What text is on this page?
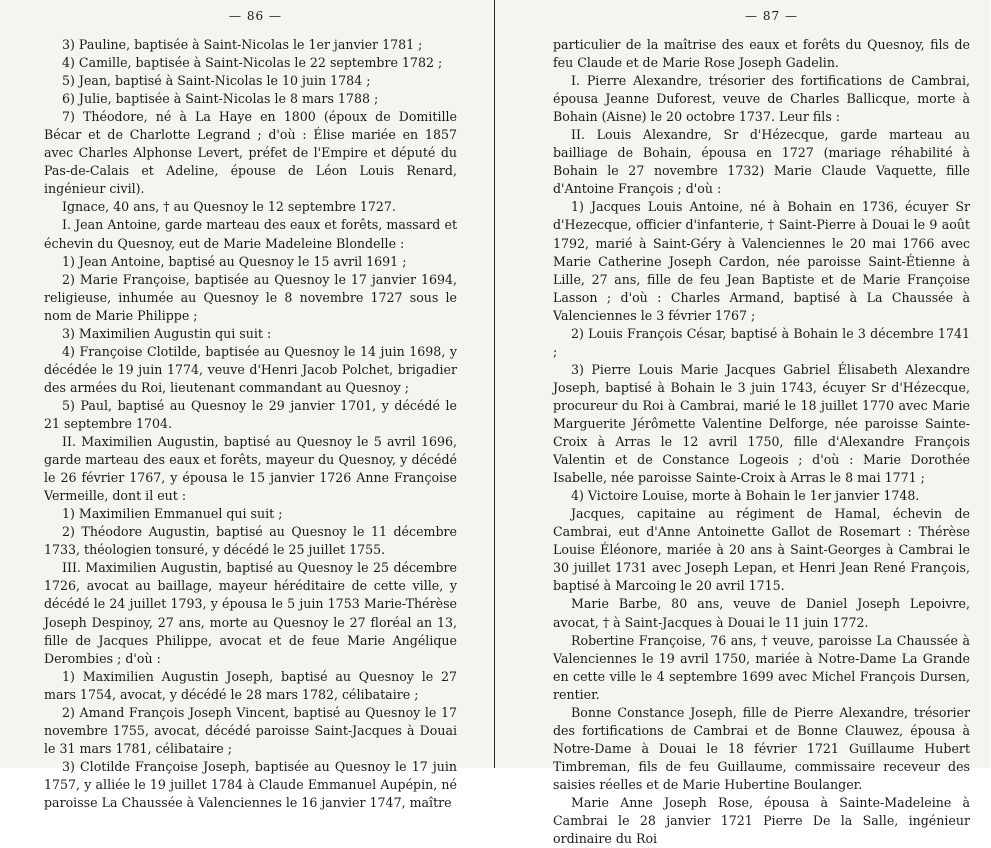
— 86 —

3) Pauline, baptisée à Saint-Nicolas le 1er janvier 1781 ;

4) Camille, baptisée à Saint-Nicolas le 22 septembre 1782 ;

5) Jean, baptisé à Saint-Nicolas le 10 juin 1784 ;

6) Julie, baptisée à Saint-Nicolas le 8 mars 1788 ;

7) Théodore, né à La Haye en 1800 (époux de Domitille Bécar et de Charlotte Legrand ; d'où : Élise mariée en 1857 avec Charles Alphonse Levert, préfet de l'Empire et député du Pas-de-Calais et Adeline, épouse de Léon Louis Renard, ingénieur civil).

Ignace, 40 ans, † au Quesnoy le 12 septembre 1727.

I. Jean Antoine, garde marteau des eaux et forêts, massard et échevin du Quesnoy, eut de Marie Madeleine Blondelle :

1) Jean Antoine, baptisé au Quesnoy le 15 avril 1691 ;

2) Marie Françoise, baptisée au Quesnoy le 17 janvier 1694, religieuse, inhumée au Quesnoy le 8 novembre 1727 sous le nom de Marie Philippe ;

3) Maximilien Augustin qui suit :

4) Françoise Clotilde, baptisée au Quesnoy le 14 juin 1698, y décédée le 19 juin 1774, veuve d'Henri Jacob Polchet, brigadier des armées du Roi, lieutenant commandant au Quesnoy ;

5) Paul, baptisé au Quesnoy le 29 janvier 1701, y décédé le 21 septembre 1704.

II. Maximilien Augustin, baptisé au Quesnoy le 5 avril 1696, garde marteau des eaux et forêts, mayeur du Quesnoy, y décédé le 26 février 1767, y épousa le 15 janvier 1726 Anne Françoise Vermeille, dont il eut :

1) Maximilien Emmanuel qui suit ;

2) Théodore Augustin, baptisé au Quesnoy le 11 décembre 1733, théologien tonsuré, y décédé le 25 juillet 1755.

III. Maximilien Augustin, baptisé au Quesnoy le 25 décembre 1726, avocat au baillage, mayeur héréditaire de cette ville, y décédé le 24 juillet 1793, y épousa le 5 juin 1753 Marie-Thérèse Joseph Despinoy, 27 ans, morte au Quesnoy le 27 floréal an 13, fille de Jacques Philippe, avocat et de feue Marie Angélique Derombies ; d'où :

1) Maximilien Augustin Joseph, baptisé au Quesnoy le 27 mars 1754, avocat, y décédé le 28 mars 1782, célibataire ;

2) Amand François Joseph Vincent, baptisé au Quesnoy le 17 novembre 1755, avocat, décédé paroisse Saint-Jacques à Douai le 31 mars 1781, célibataire ;

3) Clotilde Françoise Joseph, baptisée au Quesnoy le 17 juin 1757, y alliée le 19 juillet 1784 à Claude Emmanuel Aupépin, né paroisse La Chaussée à Valenciennes le 16 janvier 1747, maître

— 87 —

particulier de la maîtrise des eaux et forêts du Quesnoy, fils de feu Claude et de Marie Rose Joseph Gadelin.

I. Pierre Alexandre, trésorier des fortifications de Cambrai, épousa Jeanne Duforest, veuve de Charles Ballicque, morte à Bohain (Aisne) le 20 octobre 1737. Leur fils :

II. Louis Alexandre, Sr d'Hézecque, garde marteau au bailliage de Bohain, épousa en 1727 (mariage réhabilité à Bohain le 27 novembre 1732) Marie Claude Vaquette, fille d'Antoine François ; d'où :

1) Jacques Louis Antoine, né à Bohain en 1736, écuyer Sr d'Hezecque, officier d'infanterie, † Saint-Pierre à Douai le 9 août 1792, marié à Saint-Géry à Valenciennes le 20 mai 1766 avec Marie Catherine Joseph Cardon, née paroisse Saint-Étienne à Lille, 27 ans, fille de feu Jean Baptiste et de Marie Françoise Lasson ; d'où : Charles Armand, baptisé à La Chaussée à Valenciennes le 3 février 1767 ;

2) Louis François César, baptisé à Bohain le 3 décembre 1741 ;

3) Pierre Louis Marie Jacques Gabriel Élisabeth Alexandre Joseph, baptisé à Bohain le 3 juin 1743, écuyer Sr d'Hézecque, procureur du Roi à Cambrai, marié le 18 juillet 1770 avec Marie Marguerite Jérômette Valentine Delforge, née paroisse Sainte-Croix à Arras le 12 avril 1750, fille d'Alexandre François Valentin et de Constance Logeois ; d'où : Marie Dorothée Isabelle, née paroisse Sainte-Croix à Arras le 8 mai 1771 ;

4) Victoire Louise, morte à Bohain le 1er janvier 1748.

Jacques, capitaine au régiment de Hamal, échevin de Cambrai, eut d'Anne Antoinette Gallot de Rosemart : Thérèse Louise Éléonore, mariée à 20 ans à Saint-Georges à Cambrai le 30 juillet 1731 avec Joseph Lepan, et Henri Jean René François, baptisé à Marcoing le 20 avril 1715.

Marie Barbe, 80 ans, veuve de Daniel Joseph Lepoivre, avocat, † à Saint-Jacques à Douai le 11 juin 1772.

Robertine Françoise, 76 ans, † veuve, paroisse La Chaussée à Valenciennes le 19 avril 1750, mariée à Notre-Dame La Grande en cette ville le 4 septembre 1699 avec Michel François Dursen, rentier.

Bonne Constance Joseph, fille de Pierre Alexandre, trésorier des fortifications de Cambrai et de Bonne Clauwez, épousa à Notre-Dame à Douai le 18 février 1721 Guillaume Hubert Timbreman, fils de feu Guillaume, commissaire receveur des saisies réelles et de Marie Hubertine Boulanger.

Marie Anne Joseph Rose, épousa à Sainte-Madeleine à Cambrai le 28 janvier 1721 Pierre De la Salle, ingénieur ordinaire du Roi
